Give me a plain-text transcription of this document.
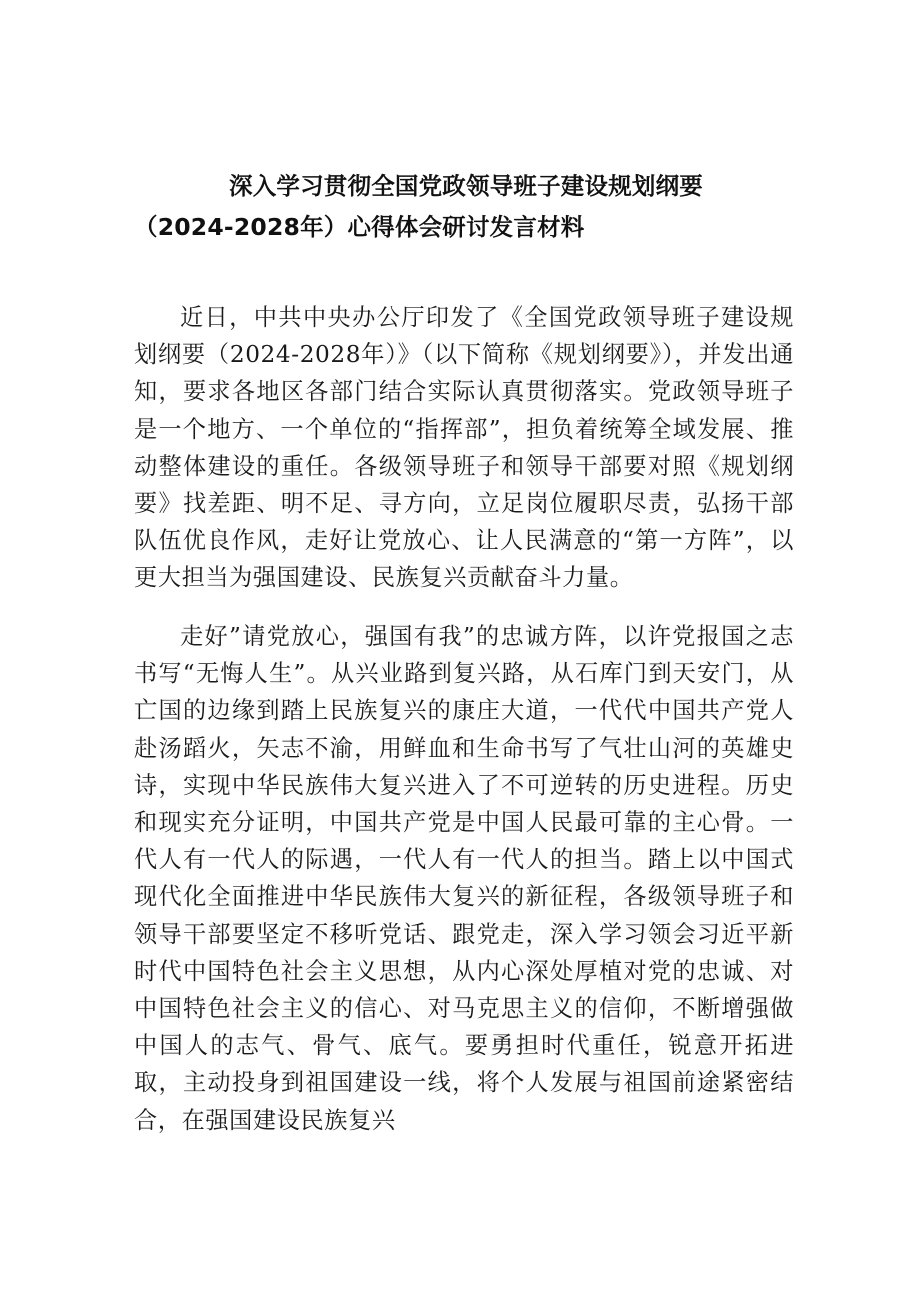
深入学习贯彻全国党政领导班子建设规划纲要（2024-2028年）心得体会研讨发言材料

近日，中共中央办公厅印发了《全国党政领导班子建设规划纲要（2024-2028年）》（以下简称《规划纲要》），并发出通知，要求各地区各部门结合实际认真贯彻落实。党政领导班子是一个地方、一个单位的“指挥部”，担负着统筹全域发展、推动整体建设的重任。各级领导班子和领导干部要对照《规划纲要》找差距、明不足、寻方向，立足岗位履职尽责，弘扬干部队伍优良作风，走好让党放心、让人民满意的“第一方阵”，以更大担当为强国建设、民族复兴贡献奋斗力量。

走好”请党放心，强国有我”的忠诚方阵，以许党报国之志书写“无悔人生”。从兴业路到复兴路，从石库门到天安门，从亡国的边缘到踏上民族复兴的康庄大道，一代代中国共产党人赴汤蹈火，矢志不渝，用鲜血和生命书写了气壮山河的英雄史诗，实现中华民族伟大复兴进入了不可逆转的历史进程。历史和现实充分证明，中国共产党是中国人民最可靠的主心骨。一代人有一代人的际遇，一代人有一代人的担当。踏上以中国式现代化全面推进中华民族伟大复兴的新征程，各级领导班子和领导干部要坚定不移听党话、跟党走，深入学习领会习近平新时代中国特色社会主义思想，从内心深处厚植对党的忠诚、对中国特色社会主义的信心、对马克思主义的信仰，不断增强做中国人的志气、骨气、底气。要勇担时代重任，锐意开拓进取，主动投身到祖国建设一线，将个人发展与祖国前途紧密结合，在强国建设民族复兴
